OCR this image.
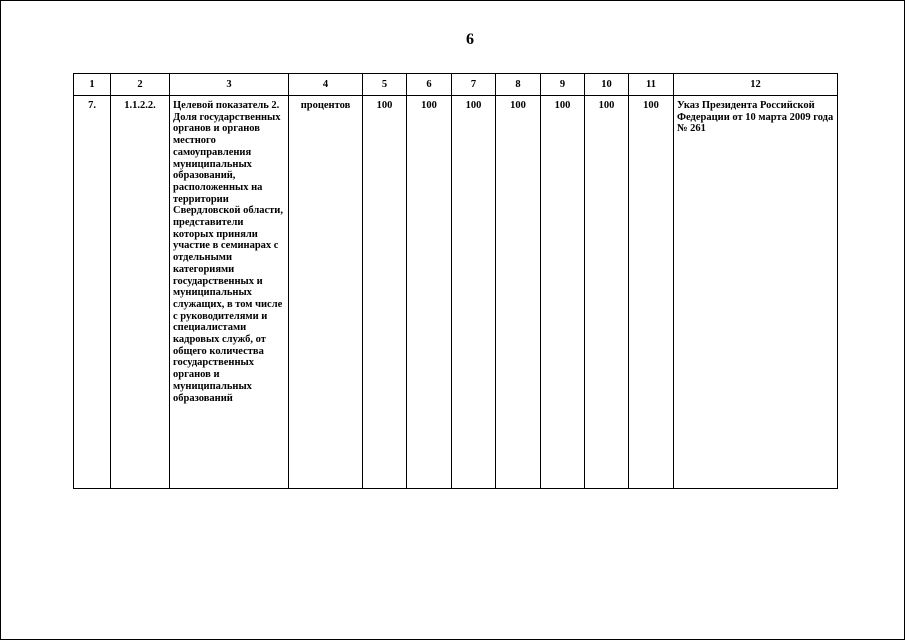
6
1	2	3	4	5	6	7	8	9	10	11	12
7.	1.1.2.2.	Целевой показатель 2. Доля государственных органов и органов местного самоуправления муниципальных образований, расположенных на территории Свердловской области, представители которых приняли участие в семинарах с отдельными категориями государственных и муниципальных служащих, в том числе с руководителями и специалистами кадровых служб, от общего количества государственных органов и муниципальных образований	процентов	100	100	100	100	100	100	100	Указ Президента Российской Федерации от 10 марта 2009 года № 261
